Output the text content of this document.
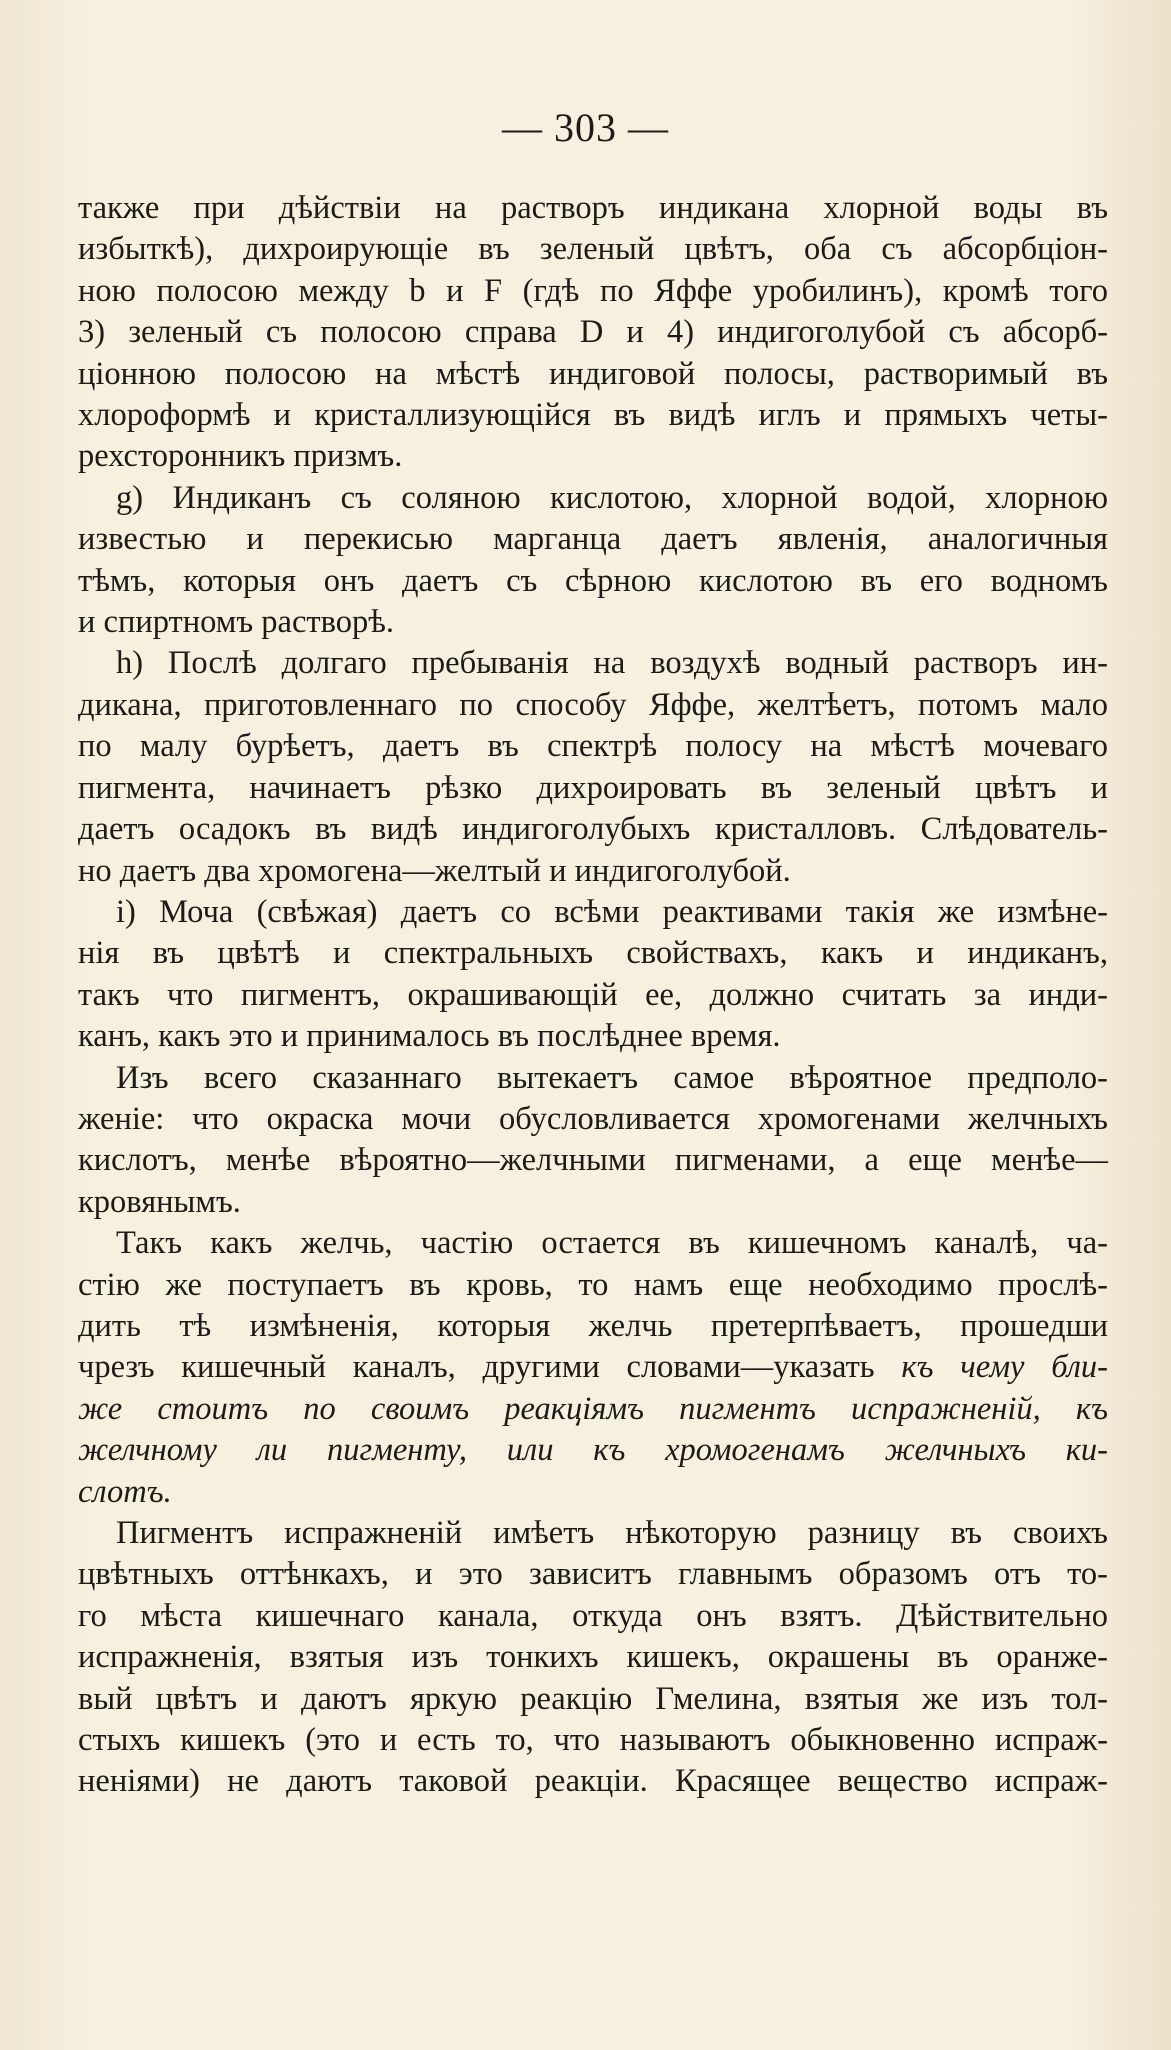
— 303 —
также при дѣйствіи на растворъ индикана хлорной воды въ
избыткѣ), дихроирующіе въ зеленый цвѣтъ, оба съ абсорбціон-
ною полосою между b и F (гдѣ по Яффе уробилинъ), кромѣ того
3) зеленый съ полосою справа D и 4) индигоголубой съ абсорб-
ціонною полосою на мѣстѣ индиговой полосы, растворимый въ
хлороформѣ и кристаллизующійся въ видѣ иглъ и прямыхъ четы-
рехсторонникъ призмъ.
g) Индиканъ съ соляною кислотою, хлорной водой, хлорною
известью и перекисью марганца даетъ явленія, аналогичныя
тѣмъ, которыя онъ даетъ съ сѣрною кислотою въ его водномъ
и спиртномъ растворѣ.
h) Послѣ долгаго пребыванія на воздухѣ водный растворъ ин-
дикана, приготовленнаго по способу Яффе, желтѣетъ, потомъ мало
по малу бурѣетъ, даетъ въ спектрѣ полосу на мѣстѣ мочеваго
пигмента, начинаетъ рѣзко дихроировать въ зеленый цвѣтъ и
даетъ осадокъ въ видѣ индигоголубыхъ кристалловъ. Слѣдователь-
но даетъ два хромогена—желтый и индигоголубой.
i) Моча (свѣжая) даетъ со всѣми реактивами такія же измѣне-
нія въ цвѣтѣ и спектральныхъ свойствахъ, какъ и индиканъ,
такъ что пигментъ, окрашивающій ее, должно считать за инди-
канъ, какъ это и принималось въ послѣднее время.
Изъ всего сказаннаго вытекаетъ самое вѣроятное предполо-
женіе: что окраска мочи обусловливается хромогенами желчныхъ
кислотъ, менѣе вѣроятно—желчными пигменами, а еще менѣе—
кровянымъ.
Такъ какъ желчь, частію остается въ кишечномъ каналѣ, ча-
стію же поступаетъ въ кровь, то намъ еще необходимо прослѣ-
дить тѣ измѣненія, которыя желчь претерпѣваетъ, прошедши
чрезъ кишечный каналъ, другими словами—указать къ чему бли-
же стоитъ по своимъ реакціямъ пигментъ испражненій, къ
желчному ли пигменту, или къ хромогенамъ желчныхъ ки-
слотъ.
Пигментъ испражненій имѣетъ нѣкоторую разницу въ своихъ
цвѣтныхъ оттѣнкахъ, и это зависитъ главнымъ образомъ отъ то-
го мѣста кишечнаго канала, откуда онъ взятъ. Дѣйствительно
испражненія, взятыя изъ тонкихъ кишекъ, окрашены въ оранже-
вый цвѣтъ и даютъ яркую реакцію Гмелина, взятыя же изъ тол-
стыхъ кишекъ (это и есть то, что называютъ обыкновенно испраж-
неніями) не даютъ таковой реакціи. Красящее вещество испраж-
